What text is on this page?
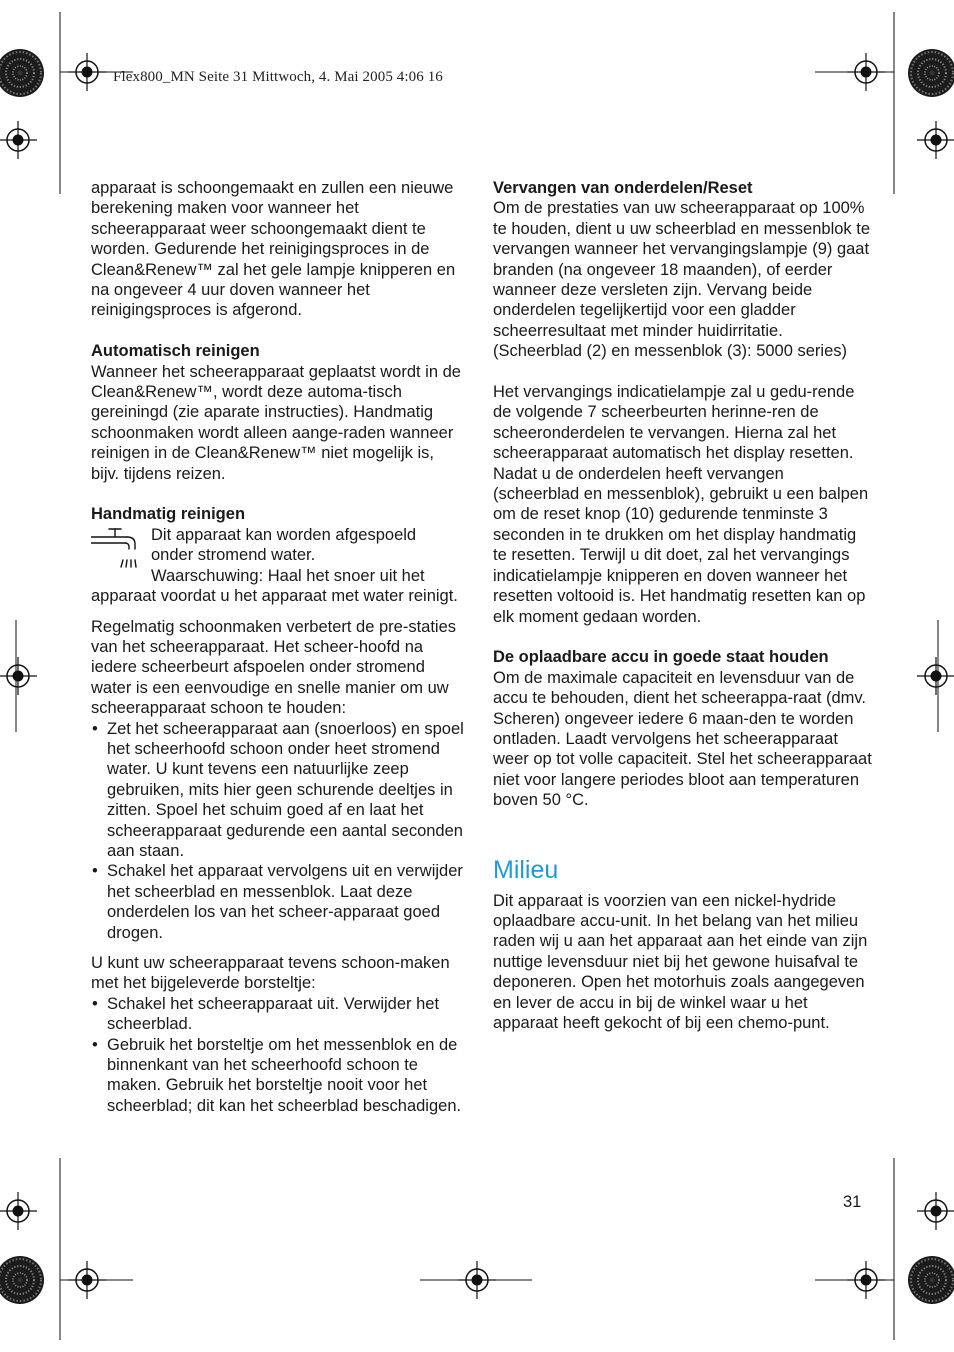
Flex800_MN Seite 31 Mittwoch, 4. Mai 2005 4:06 16

apparaat is schoongemaakt en zullen een nieuwe berekening maken voor wanneer het scheerapparaat weer schoongemaakt dient te worden. Gedurende het reinigingsproces in de Clean&Renew™ zal het gele lampje knipperen en na ongeveer 4 uur doven wanneer het reinigingsproces is afgerond.

Automatisch reinigen

Wanneer het scheerapparaat geplaatst wordt in de Clean&Renew™, wordt deze automa-tisch gereiningd (zie aparate instructies). Handmatig schoonmaken wordt alleen aange-raden wanneer reinigen in de Clean&Renew™ niet mogelijk is, bijv. tijdens reizen.

Handmatig reinigen

Dit apparaat kan worden afgespoeld

onder stromend water.

Waarschuwing: Haal het snoer uit het

apparaat voordat u het apparaat met water reinigt.

Regelmatig schoonmaken verbetert de pre-staties van het scheerapparaat. Het scheer-hoofd na iedere scheerbeurt afspoelen onder stromend water is een eenvoudige en snelle manier om uw scheerapparaat schoon te houden:

• Zet het scheerapparaat aan (snoerloos) en spoel het scheerhoofd schoon onder heet stromend water. U kunt tevens een natuurlijke zeep gebruiken, mits hier geen schurende deeltjes in zitten. Spoel het schuim goed af en laat het scheerapparaat gedurende een aantal seconden aan staan.
• Schakel het apparaat vervolgens uit en verwijder het scheerblad en messenblok. Laat deze onderdelen los van het scheer-apparaat goed drogen.

U kunt uw scheerapparaat tevens schoon-maken met het bijgeleverde borsteltje:

• Schakel het scheerapparaat uit. Verwijder het scheerblad.
• Gebruik het borsteltje om het messenblok en de binnenkant van het scheerhoofd schoon te maken. Gebruik het borsteltje nooit voor het scheerblad; dit kan het scheerblad beschadigen.
Vervangen van onderdelen/Reset

Om de prestaties van uw scheerapparaat op 100% te houden, dient u uw scheerblad en messenblok te vervangen wanneer het vervangingslampje (9) gaat branden (na ongeveer 18 maanden), of eerder wanneer deze versleten zijn. Vervang beide onderdelen tegelijkertijd voor een gladder scheerresultaat met minder huidirritatie.

(Scheerblad (2) en messenblok (3): 5000 series)

Het vervangings indicatielampje zal u gedu-rende de volgende 7 scheerbeurten herinne-ren de scheeronderdelen te vervangen. Hierna zal het scheerapparaat automatisch het display resetten.

Nadat u de onderdelen heeft vervangen (scheerblad en messenblok), gebruikt u een balpen om de reset knop (10) gedurende tenminste 3 seconden in te drukken om het display handmatig te resetten. Terwijl u dit doet, zal het vervangings indicatielampje knipperen en doven wanneer het resetten voltooid is. Het handmatig resetten kan op elk moment gedaan worden.

De oplaadbare accu in goede staat houden

Om de maximale capaciteit en levensduur van de accu te behouden, dient het scheerappa-raat (dmv. Scheren) ongeveer iedere 6 maan-den te worden ontladen. Laadt vervolgens het scheerapparaat weer op tot volle capaciteit. Stel het scheerapparaat niet voor langere periodes bloot aan temperaturen boven 50 °C.

Milieu

Dit apparaat is voorzien van een nickel-hydride oplaadbare accu-unit. In het belang van het milieu raden wij u aan het apparaat aan het einde van zijn nuttige levensduur niet bij het gewone huisafval te deponeren. Open het motorhuis zoals aangegeven en lever de accu in bij de winkel waar u het apparaat heeft gekocht of bij een chemo-punt.

31
